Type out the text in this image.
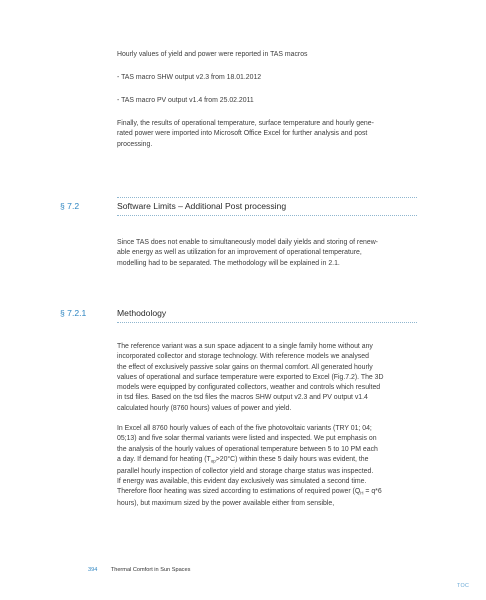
Hourly values of yield and power were reported in TAS macros

- TAS macro SHW output v2.3 from 18.01.2012

- TAS macro PV output v1.4 from 25.02.2011

Finally, the results of operational temperature, surface temperature and hourly gene-

rated power were imported into Microsoft Office Excel for further analysis and post

processing.

§ 7.2	Software Limits – Additional Post processing

Since TAS does not enable to simultaneously model daily yields and storing of renew-

able energy as well as utilization for an improvement of operational temperature,

modelling had to be separated. The methodology will be explained in 2.1.

§ 7.2.1	Methodology

The reference variant was a sun space adjacent to a single family home without any

incorporated collector and storage technology. With reference models we analysed

the effect of exclusively passive solar gains on thermal comfort. All generated hourly

values of operational and surface temperature were exported to Excel (Fig.7.2). The 3D

models were equipped by configurated collectors, weather and controls which resulted

in tsd files. Based on the tsd files the macros SHW output v2.3 and PV output v1.4

calculated hourly (8760 hours) values of power and yield.

In Excel all 8760 hourly values of each of the five photovoltaic variants (TRY 01; 04;

05;13) and five solar thermal variants were listed and inspected. We put emphasis on

the analysis of the hourly values of operational temperature between 5 to 10 PM each

a day. If demand for heating $(T_{op}>20^\circ C)$ within these 5 daily hours was evident, the

parallel hourly inspection of collector yield and storage charge status was inspected.

If energy was available, this evident day exclusively was simulated a second time.

Therefore floor heating was sized according to estimations of required power ($Q_H = q*6$

hours), but maximum sized by the power available either from sensible,

394 Thermal Comfort in Sun Spaces
TOC
